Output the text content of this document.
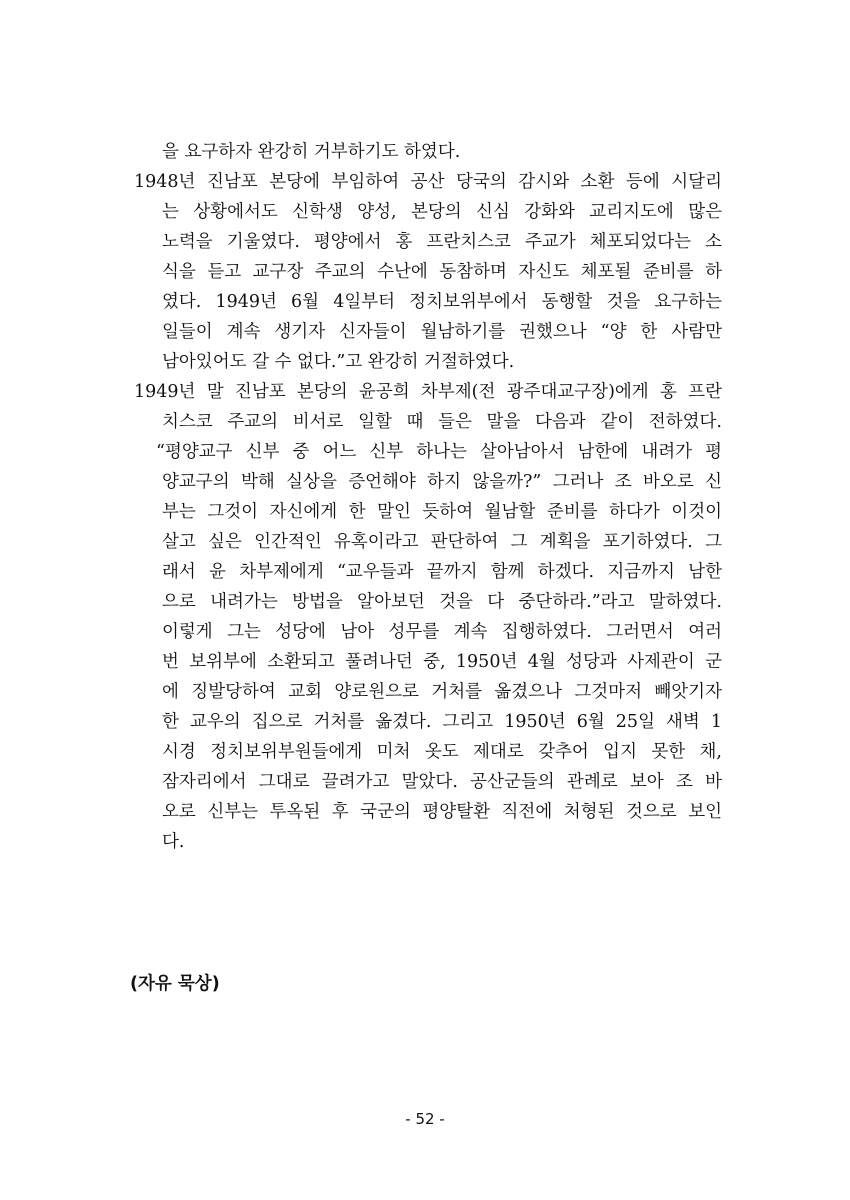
을 요구하자 완강히 거부하기도 하였다.
1948년 진남포 본당에 부임하여 공산 당국의 감시와 소환 등에 시달리
는 상황에서도 신학생 양성, 본당의 신심 강화와 교리지도에 많은
노력을 기울였다. 평양에서 홍 프란치스코 주교가 체포되었다는 소
식을 듣고 교구장 주교의 수난에 동참하며 자신도 체포될 준비를 하
였다. 1949년 6월 4일부터 정치보위부에서 동행할 것을 요구하는
일들이 계속 생기자 신자들이 월남하기를 권했으나 “양 한 사람만
남아있어도 갈 수 없다.”고 완강히 거절하였다.
1949년 말 진남포 본당의 윤공희 차부제(전 광주대교구장)에게 홍 프란
치스코 주교의 비서로 일할 때 들은 말을 다음과 같이 전하였다.
“평양교구 신부 중 어느 신부 하나는 살아남아서 남한에 내려가 평
양교구의 박해 실상을 증언해야 하지 않을까?” 그러나 조 바오로 신
부는 그것이 자신에게 한 말인 듯하여 월남할 준비를 하다가 이것이
살고 싶은 인간적인 유혹이라고 판단하여 그 계획을 포기하였다. 그
래서 윤 차부제에게 “교우들과 끝까지 함께 하겠다. 지금까지 남한
으로 내려가는 방법을 알아보던 것을 다 중단하라.”라고 말하였다.
이렇게 그는 성당에 남아 성무를 계속 집행하였다. 그러면서 여러
번 보위부에 소환되고 풀려나던 중, 1950년 4월 성당과 사제관이 군
에 징발당하여 교회 양로원으로 거처를 옮겼으나 그것마저 빼앗기자
한 교우의 집으로 거처를 옮겼다. 그리고 1950년 6월 25일 새벽 1
시경 정치보위부원들에게 미처 옷도 제대로 갖추어 입지 못한 채,
잠자리에서 그대로 끌려가고 말았다. 공산군들의 관례로 보아 조 바
오로 신부는 투옥된 후 국군의 평양탈환 직전에 처형된 것으로 보인
다.
(자유 묵상)
- 52 -
